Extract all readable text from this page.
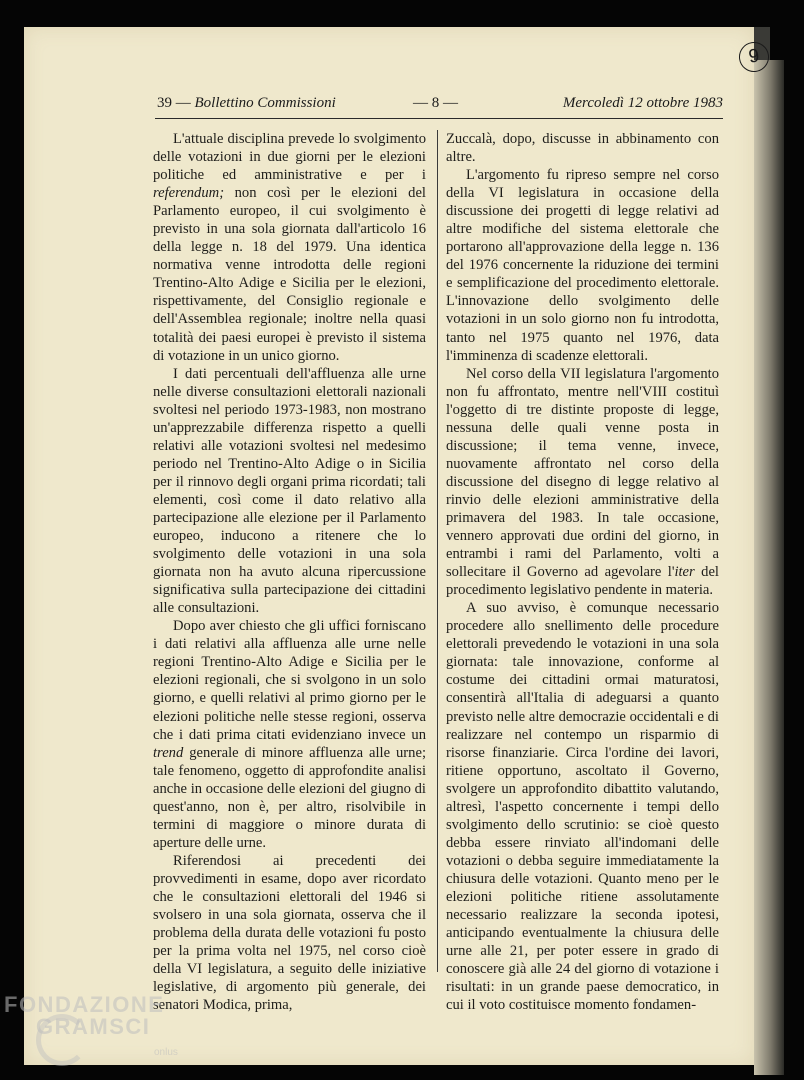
9
39 — Bollettino Commissioni	— 8 —	Mercoledì 12 ottobre 1983

L'attuale disciplina prevede lo svolgimento delle votazioni in due giorni per le elezioni politiche ed amministrative e per i referendum; non così per le elezioni del Parlamento europeo, il cui svolgimento è previsto in una sola giornata dall'articolo 16 della legge n. 18 del 1979. Una identica normativa venne introdotta delle regioni Trentino-Alto Adige e Sicilia per le elezioni, rispettivamente, del Consiglio regionale e dell'Assemblea regionale; inoltre nella quasi totalità dei paesi europei è previsto il sistema di votazione in un unico giorno.

I dati percentuali dell'affluenza alle urne nelle diverse consultazioni elettorali nazionali svoltesi nel periodo 1973-1983, non mostrano un'apprezzabile differenza rispetto a quelli relativi alle votazioni svoltesi nel medesimo periodo nel Trentino-Alto Adige o in Sicilia per il rinnovo degli organi prima ricordati; tali elementi, così come il dato relativo alla partecipazione alle elezione per il Parlamento europeo, inducono a ritenere che lo svolgimento delle votazioni in una sola giornata non ha avuto alcuna ripercussione significativa sulla partecipazione dei cittadini alle consultazioni.

Dopo aver chiesto che gli uffici forniscano i dati relativi alla affluenza alle urne nelle regioni Trentino-Alto Adige e Sicilia per le elezioni regionali, che si svolgono in un solo giorno, e quelli relativi al primo giorno per le elezioni politiche nelle stesse regioni, osserva che i dati prima citati evidenziano invece un trend generale di minore affluenza alle urne; tale fenomeno, oggetto di approfondite analisi anche in occasione delle elezioni del giugno di quest'anno, non è, per altro, risolvibile in termini di maggiore o minore durata di aperture delle urne.

Riferendosi ai precedenti dei provvedimenti in esame, dopo aver ricordato che le consultazioni elettorali del 1946 si svolsero in una sola giornata, osserva che il problema della durata delle votazioni fu posto per la prima volta nel 1975, nel corso cioè della VI legislatura, a seguito delle iniziative legislative, di argomento più generale, dei senatori Modica, prima,

Zuccalà, dopo, discusse in abbinamento con altre.

L'argomento fu ripreso sempre nel corso della VI legislatura in occasione della discussione dei progetti di legge relativi ad altre modifiche del sistema elettorale che portarono all'approvazione della legge n. 136 del 1976 concernente la riduzione dei termini e semplificazione del procedimento elettorale. L'innovazione dello svolgimento delle votazioni in un solo giorno non fu introdotta, tanto nel 1975 quanto nel 1976, data l'imminenza di scadenze elettorali.

Nel corso della VII legislatura l'argomento non fu affrontato, mentre nell'VIII costituì l'oggetto di tre distinte proposte di legge, nessuna delle quali venne posta in discussione; il tema venne, invece, nuovamente affrontato nel corso della discussione del disegno di legge relativo al rinvio delle elezioni amministrative della primavera del 1983. In tale occasione, vennero approvati due ordini del giorno, in entrambi i rami del Parlamento, volti a sollecitare il Governo ad agevolare l'iter del procedimento legislativo pendente in materia.

A suo avviso, è comunque necessario procedere allo snellimento delle procedure elettorali prevedendo le votazioni in una sola giornata: tale innovazione, conforme al costume dei cittadini ormai maturatosi, consentirà all'Italia di adeguarsi a quanto previsto nelle altre democrazie occidentali e di realizzare nel contempo un risparmio di risorse finanziarie. Circa l'ordine dei lavori, ritiene opportuno, ascoltato il Governo, svolgere un approfondito dibattito valutando, altresì, l'aspetto concernente i tempi dello svolgimento dello scrutinio: se cioè questo debba essere rinviato all'indomani delle votazioni o debba seguire immediatamente la chiusura delle votazioni. Quanto meno per le elezioni politiche ritiene assolutamente necessario realizzare la seconda ipotesi, anticipando eventualmente la chiusura delle urne alle 21, per poter essere in grado di conoscere già alle 24 del giorno di votazione i risultati: in un grande paese democratico, in cui il voto costituisce momento fondamen-

FONDAZIONE
GRAMSCI
onlus
